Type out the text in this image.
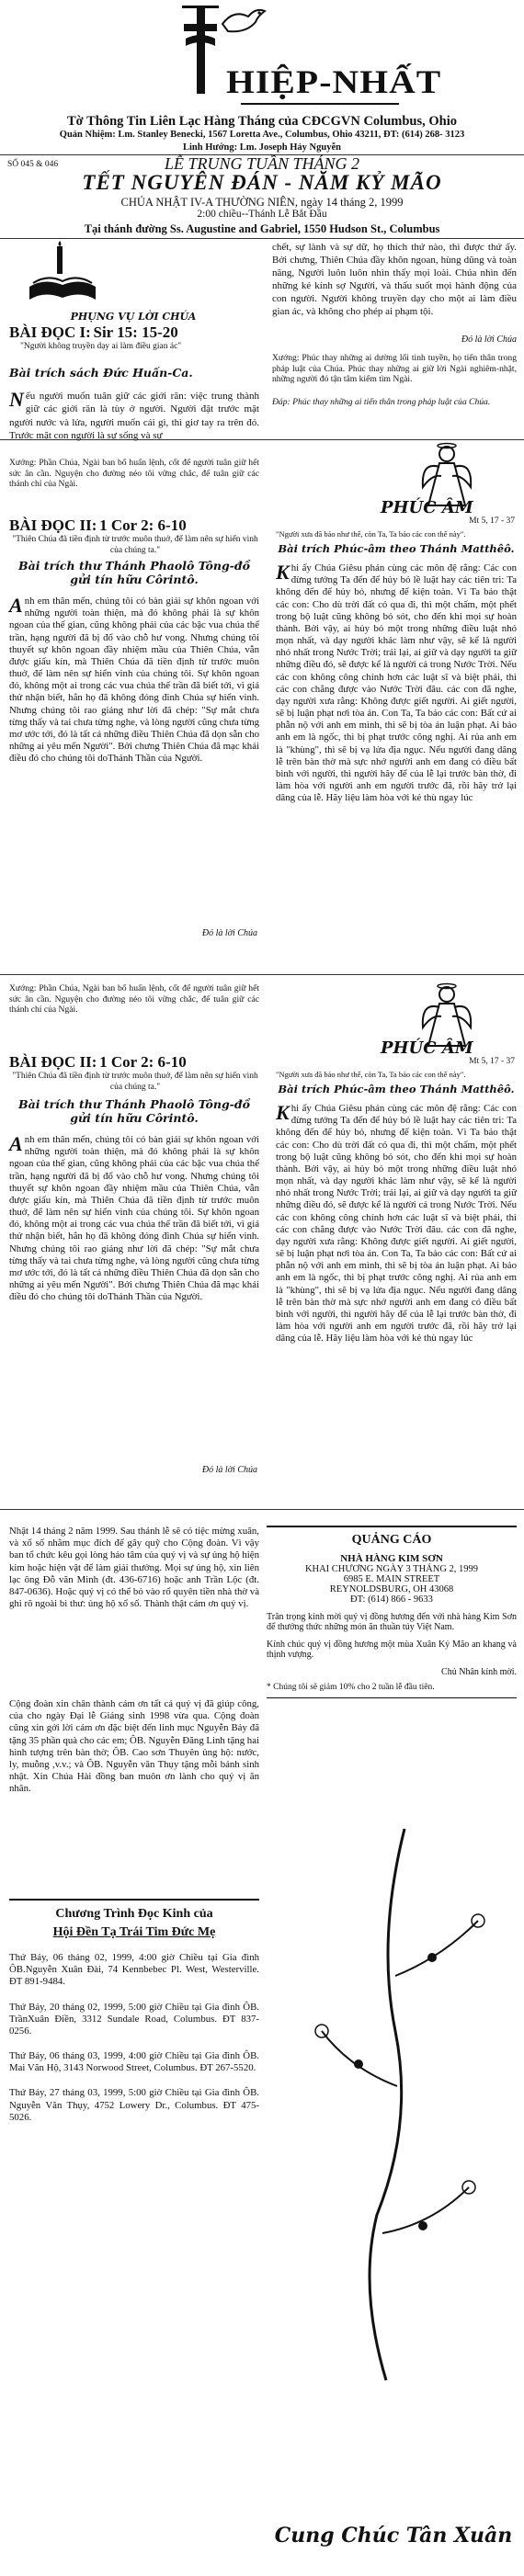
HIỆP-NHẤT
Tờ Thông Tin Liên Lạc Hàng Tháng của CĐCGVN Columbus, Ohio
Quản Nhiệm: Lm. Stanley Benecki, 1567 Loretta Ave., Columbus, Ohio 43211, ĐT: (614) 268- 3123
Linh Hướng: Lm. Joseph Hảy Nguyễn
SỐ 045 & 046	LỄ TRUNG TUẦN THÁNG 2
TẾT NGUYÊN ĐÁN - NĂM KỶ MÃO
CHÚA NHẬT IV-A THƯỜNG NIÊN, ngày 14 tháng 2, 1999
2:00 chiều--Thánh Lễ Bắt Đầu
Tại thánh đường Ss. Augustine and Gabriel, 1550 Hudson St., Columbus
PHỤNG VỤ LỜI CHÚA
BÀI ĐỌC I: Sir 15: 15-20
"Người không truyền dạy ai làm điều gian ác"
Bài trích sách Đức Huấn-Ca.
Nếu người muốn tuân giữ các giới răn: việc trung thành giữ các giới răn là tùy ở người. Người đặt trước mặt người nước và lửa, người muốn cái gì, thì giơ tay ra trên đó. Trước mặt con người là sự sống và sự
chết, sự lành và sự dữ, họ thích thứ nào, thì được thứ ấy. Bởi chưng, Thiên Chúa đầy khôn ngoan, hùng dũng và toàn năng, Người luôn luôn nhìn thấy mọi loài. Chúa nhìn đến những kẻ kính sợ Người, và thấu suốt mọi hành động của con người. Người không truyền dạy cho một ai làm điều gian ác, và không cho phép ai phạm tội.
Đó là lời Chúa
Xướng: Phúc thay những ai dường lối tinh tuyền, họ tiến thân trong pháp luật của Chúa. Phúc thay những ai giữ lời Ngài nghiêm-nhặt, những người đó tận tâm kiếm tìm Ngài.
Đáp: Phúc thay những ai tiến thân trong pháp luật của Chúa.
Xướng: Phần Chúa, Ngài ban bố huấn lệnh, cốt để người tuân giữ hết sức ân cần. Nguyện cho đường nẻo tôi vững chắc, để tuân giữ các thánh chỉ của Ngài.
BÀI ĐỌC II: 1 Cor 2: 6-10
"Thiên Chúa đã tiền định từ trước muôn thuở, để làm nên sự hiển vinh của chúng ta."
Bài trích thư Thánh Phaolô Tông-đồ gửi tín hữu Côrintô.
Anh em thân mến, chúng tôi có bàn giải sự khôn ngoan với những người toàn thiện, mà đó không phải là sự khôn ngoan của thế gian, cũng không phải của các bậc vua chúa thế trần, hạng người đã bị đổ vào chỗ hư vong. Nhưng chúng tôi thuyết sự khôn ngoan đầy nhiệm mầu của Thiên Chúa, vẫn được giấu kín, mà Thiên Chúa đã tiền định từ trước muôn thuở, để làm nên sự hiển vinh của chúng tôi. Sự khôn ngoan đó, không một ai trong các vua chúa thế trần đã biết tới, vì giá thử nhận biết, hẳn họ đã không đóng đinh Chúa sự hiển vinh. Nhưng chúng tôi rao giảng như lời đã chép: "Sự mắt chưa từng thấy và tai chưa từng nghe, và lòng người cũng chưa từng mơ ước tới, đó là tất cả những điều Thiên Chúa đã dọn sẵn cho những ai yêu mến Người". Bởi chưng Thiên Chúa đã mạc khải điều đó cho chúng tôi doThánh Thần của Người.
Đó là lời Chúa
PHÚC ÂM
Mt 5, 17 - 37
"Người xưa đã bảo như thế, còn Ta, Ta bảo các con thế này".
Bài trích Phúc-âm theo Thánh Matthêô.
Khi ấy Chúa Giêsu phán cùng các môn đệ rằng: Các con đừng tưởng Ta đến để hủy bỏ lề luật hay các tiên tri: Ta không đến để hủy bỏ, nhưng để kiện toàn. Vì Ta bảo thật các con: Cho dù trời đất có qua đi, thì một chấm, một phết trong bộ luật cũng không bỏ sót, cho đến khi mọi sự hoàn thành. Bởi vậy, ai hủy bỏ một trong những điều luật nhỏ mọn nhất, và dạy người khác làm như vậy, sẽ kể là người nhỏ nhất trong Nước Trời; trái lại, ai giữ và dạy người ta giữ những điều đó, sẽ được kể là người cả trong Nước Trời. Nếu các con không công chính hơn các luật sĩ và biệt phái, thì các con chẳng được vào Nước Trời đâu. các con đã nghe, dạy người xưa rằng: Không được giết người. Ai giết người, sẽ bị luận phạt nơi tòa án. Con Ta, Ta bảo các con: Bất cứ ai phẫn nộ với anh em mình, thì sẽ bị tòa án luận phạt. Ai bảo anh em là ngốc, thì bị phạt trước công nghị. Ai rủa anh em là "khùng", thì sẽ bị vạ lửa địa ngục. Nếu người đang dâng lễ trên bàn thờ mà sực nhớ người anh em đang có điều bất bình với người, thì người hãy để của lễ lại trước bàn thờ, đi làm hòa với người anh em người trước đã, rồi hãy trở lại dâng của lễ. Hãy liệu làm hòa với kẻ thù ngay lúc
Xướng: Phần Chúa, Ngài ban bố huấn lệnh, cốt để người tuân giữ hết sức ân cần. Nguyện cho đường nẻo tôi vững chắc, để tuân giữ các thánh chỉ của Ngài.
BÀI ĐỌC II: 1 Cor 2: 6-10
"Thiên Chúa đã tiền định từ trước muôn thuở, để làm nên sự hiển vinh của chúng ta."
Bài trích thư Thánh Phaolô Tông-đồ gửi tín hữu Côrintô.
Anh em thân mến, chúng tôi có bàn giải sự khôn ngoan với những người toàn thiện, mà đó không phải là sự khôn ngoan của thế gian, cũng không phải của các bậc vua chúa thế trần, hạng người đã bị đổ vào chỗ hư vong. Nhưng chúng tôi thuyết sự khôn ngoan đầy nhiệm mầu của Thiên Chúa, vẫn được giấu kín, mà Thiên Chúa đã tiền định từ trước muôn thuở, để làm nên sự hiển vinh của chúng tôi. Sự khôn ngoan đó, không một ai trong các vua chúa thế trần đã biết tới, vì giá thử nhận biết, hẳn họ đã không đóng đinh Chúa sự hiển vinh. Nhưng chúng tôi rao giảng như lời đã chép: "Sự mắt chưa từng thấy và tai chưa từng nghe, và lòng người cũng chưa từng mơ ước tới, đó là tất cả những điều Thiên Chúa đã dọn sẵn cho những ai yêu mến Người". Bởi chưng Thiên Chúa đã mạc khải điều đó cho chúng tôi doThánh Thần của Người.
Đó là lời Chúa
PHÚC ÂM
Mt 5, 17 - 37
"Người xưa đã bảo như thế, còn Ta, Ta bảo các con thế này".
Bài trích Phúc-âm theo Thánh Matthêô.
Khi ấy Chúa Giêsu phán cùng các môn đệ rằng: Các con đừng tưởng Ta đến để hủy bỏ lề luật hay các tiên tri: Ta không đến để hủy bỏ, nhưng để kiện toàn. Vì Ta bảo thật các con: Cho dù trời đất có qua đi, thì một chấm, một phết trong bộ luật cũng không bỏ sót, cho đến khi mọi sự hoàn thành. Bởi vậy, ai hủy bỏ một trong những điều luật nhỏ mọn nhất, và dạy người khác làm như vậy, sẽ kể là người nhỏ nhất trong Nước Trời; trái lại, ai giữ và dạy người ta giữ những điều đó, sẽ được kể là người cả trong Nước Trời. Nếu các con không công chính hơn các luật sĩ và biệt phái, thì các con chẳng được vào Nước Trời đâu. các con đã nghe, dạy người xưa rằng: Không được giết người. Ai giết người, sẽ bị luận phạt nơi tòa án. Con Ta, Ta bảo các con: Bất cứ ai phẫn nộ với anh em mình, thì sẽ bị tòa án luận phạt. Ai bảo anh em là ngốc, thì bị phạt trước công nghị. Ai rủa anh em là "khùng", thì sẽ bị vạ lửa địa ngục. Nếu người đang dâng lễ trên bàn thờ mà sực nhớ người anh em đang có điều bất bình với người, thì người hãy để của lễ lại trước bàn thờ, đi làm hòa với người anh em người trước đã, rồi hãy trở lại dâng của lễ. Hãy liệu làm hòa với kẻ thù ngay lúc
Nhật 14 tháng 2 năm 1999. Sau thánh lễ sẽ có tiệc mừng xuân, và xổ số nhằm mục đích để gây quỹ cho Cộng đoàn. Vì vậy ban tổ chức kêu gọi lòng hảo tâm của quý vị và sự ủng hộ hiện kim hoặc hiện vật để làm giải thưởng. Mọi sự ủng hộ, xin liên lạc ông Đỗ văn Minh (đt. 436-6716) hoặc anh Trần Lộc (đt. 847-0636). Hoặc quý vị có thể bỏ vào rổ quyên tiền nhà thờ và ghi rõ ngoài bì thư: ủng hộ xổ số. Thành thật cám ơn quý vị.
Cộng đoàn xin chân thành cám ơn tất cả quý vị đã giúp công, của cho ngày Đại lễ Giáng sinh 1998 vừa qua. Cộng đoàn cũng xin gởi lời cám ơn đặc biệt đến linh mục Nguyễn Bảy đã tặng 35 phần quà cho các em; ÔB. Nguyễn Đăng Linh tặng hai hình tượng trên bàn thờ; ÔB. Cao sơn Thuyên ủng hộ: nước, ly, muỗng ,v.v.; và ÔB. Nguyễn văn Thụy tặng mỗi bánh sinh nhật. Xin Chúa Hài đồng ban muôn ơn lành cho quý vị ăn nhân.
Chương Trình Đọc Kinh của
Hội Đền Tạ Trái Tim Đức Mẹ
Thứ Bảy, 06 tháng 02, 1999, 4:00 giờ Chiều tại Gia đình ÔB.Nguyễn Xuân Đài, 74 Kennbebec Pl. West, Westerville. ĐT 891-9484.
Thứ Bảy, 20 tháng 02, 1999, 5:00 giờ Chiều tại Gia đình ÔB. TrầnXuân Điền, 3312 Sundale Road, Columbus. ĐT 837-0256.
Thứ Bảy, 06 tháng 03, 1999, 4:00 giờ Chiều tại Gia đình ÔB. Mai Văn Hộ, 3143 Norwood Street, Columbus. ĐT 267-5520.
Thứ Bảy, 27 tháng 03, 1999, 5:00 giờ Chiều tại Gia đình ÔB. Nguyễn Văn Thụy, 4752 Lowery Dr., Columbus. ĐT 475-5026.
QUẢNG CÁO
NHÀ HÀNG KIM SƠN
KHAI CHƯƠNG NGÀY 3 THÁNG 2, 1999
6985 E. MAIN STREET
REYNOLDSBURG, OH 43068
ĐT: (614) 866 - 9633
Trân trọng kính mời quý vị đồng hương đến với nhà hàng Kim Sơn để thưởng thức những món ăn thuần túy Việt Nam.
Kính chúc quý vị đồng hương một mùa Xuân Kỷ Mão an khang và thịnh vượng.
Chủ Nhân kính mời.
* Chúng tôi sẽ giảm 10% cho 2 tuần lễ đầu tiên.
Cung Chúc Tân Xuân
